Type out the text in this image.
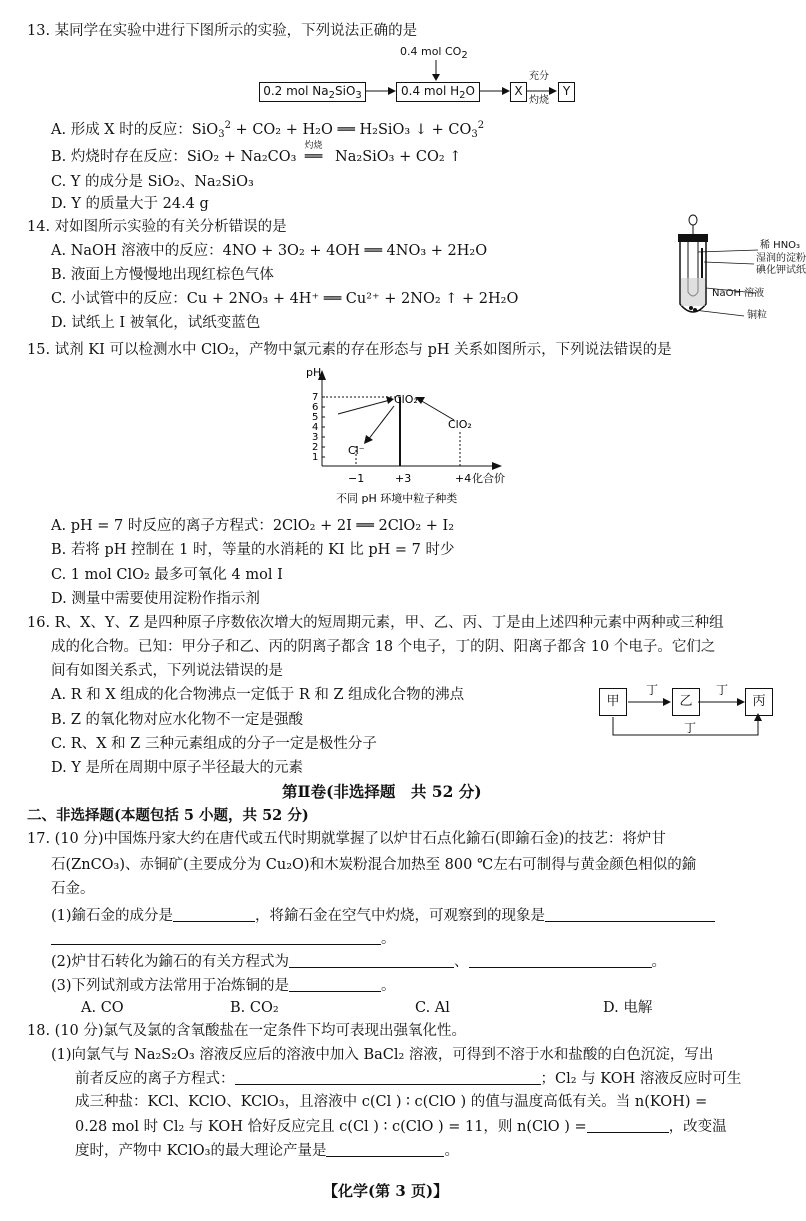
13. 某同学在实验中进行下图所示的实验，下列说法正确的是
0.4 mol CO2
0.2 mol $Na_2SiO_3$	0.4 mol $H_2O$	X
充分
灼烧
Y
A. 形成 X 时的反应：SiO$_3^2$ + CO₂ + H₂O ══ H₂SiO₃ ↓ + $CO_3^2$
B. 灼烧时存在反应：SiO₂ + Na₂CO₃
灼烧
══ Na₂SiO₃ + CO₂ ↑
C. Y 的成分是 SiO₂、Na₂SiO₃
D. Y 的质量大于 24.4 g
14. 对如图所示实验的有关分析错误的是
A. NaOH 溶液中的反应：4NO + 3O₂ + 4OH ══ 4NO₃ + 2H₂O
B. 液面上方慢慢地出现红棕色气体
C. 小试管中的反应：Cu + 2NO₃ + 4H⁺ ══ Cu²⁺ + 2NO₂ ↑ + 2H₂O
D. 试纸上 I 被氧化，试纸变蓝色
稀 HNO₃
湿润的淀粉
碘化钾试纸
NaOH 溶液
铜粒
15. 试剂 KI 可以检测水中 ClO₂，产物中氯元素的存在形态与 pH 关系如图所示，下列说法错误的是
7
6
5
4
3
2
1
−1	+3	+4
pH
ClO₂
ClO₂
Cl⁻
化合价
不同 pH 环境中粒子种类
A. pH = 7 时反应的离子方程式：2ClO₂ + 2I ══ 2ClO₂ + I₂
B. 若将 pH 控制在 1 时，等量的水消耗的 KI 比 pH = 7 时少
C. 1 mol ClO₂ 最多可氧化 4 mol I
D. 测量中需要使用淀粉作指示剂
16. R、X、Y、Z 是四种原子序数依次增大的短周期元素，甲、乙、丙、丁是由上述四种元素中两种或三种组
成的化合物。已知：甲分子和乙、丙的阴离子都含 18 个电子，丁的阴、阳离子都含 10 个电子。它们之
间有如图关系式，下列说法错误的是
A. R 和 X 组成的化合物沸点一定低于 R 和 Z 组成化合物的沸点
B. Z 的氧化物对应水化物不一定是强酸
C. R、X 和 Z 三种元素组成的分子一定是极性分子
D. Y 是所在周期中原子半径最大的元素
甲	乙	丙
丁	丁
丁
第Ⅱ卷(非选择题　共 52 分)
二、非选择题(本题包括 5 小题，共 52 分)
17. (10 分)中国炼丹家大约在唐代或五代时期就掌握了以炉甘石点化鍮石(即鍮石金)的技艺：将炉甘
石(ZnCO₃)、赤铜矿(主要成分为 Cu₂O)和木炭粉混合加热至 800 ℃左右可制得与黄金颜色相似的鍮
石金。
(1)鍮石金的成分是	，将鍮石金在空气中灼烧，可观察到的现象是
。
(2)炉甘石转化为鍮石的有关方程式为	、	。
(3)下列试剂或方法常用于冶炼铜的是	。
A. CO	B. CO₂	C. Al	D. 电解
18. (10 分)氯气及氯的含氧酸盐在一定条件下均可表现出强氧化性。
(1)向氯气与 Na₂S₂O₃ 溶液反应后的溶液中加入 BaCl₂ 溶液，可得到不溶于水和盐酸的白色沉淀，写出
前者反应的离子方程式：	；Cl₂ 与 KOH 溶液反应时可生
成三种盐：KCl、KClO、KClO₃，且溶液中 c(Cl ) ∶ c(ClO ) 的值与温度高低有关。当 n(KOH) =
0.28 mol 时 Cl₂ 与 KOH 恰好反应完且 c(Cl ) ∶ c(ClO ) = 11，则 n(ClO ) =	，改变温
度时，产物中 KClO₃的最大理论产量是	。
【化学(第 3 页)】
